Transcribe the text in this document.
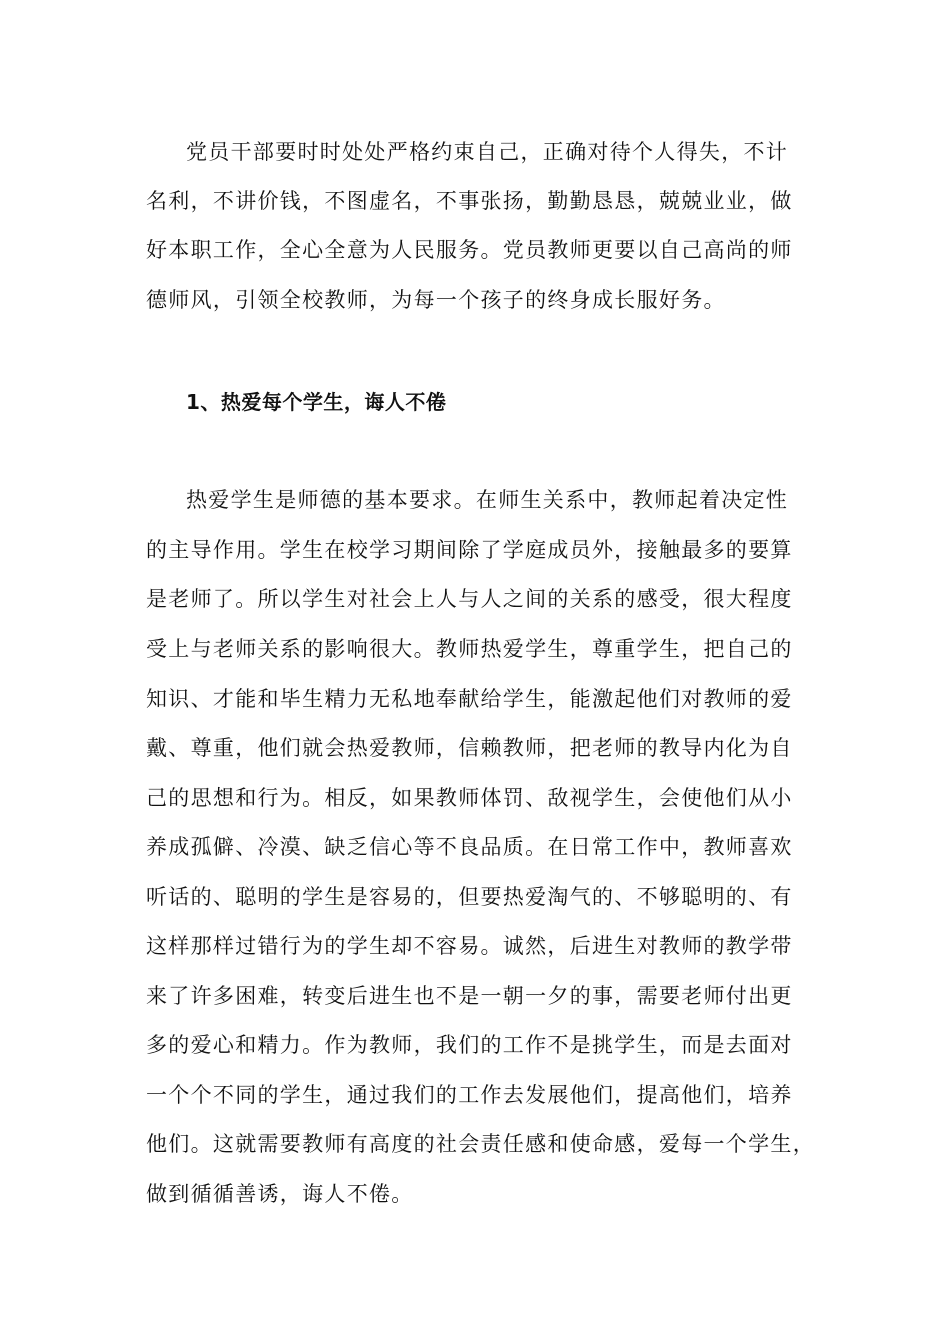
党员干部要时时处处严格约束自己，正确对待个人得失，不计
名利，不讲价钱，不图虚名，不事张扬，勤勤恳恳，兢兢业业，做
好本职工作，全心全意为人民服务。党员教师更要以自己高尚的师
德师风，引领全校教师，为每一个孩子的终身成长服好务。
1、热爱每个学生，诲人不倦
热爱学生是师德的基本要求。在师生关系中，教师起着决定性
的主导作用。学生在校学习期间除了学庭成员外，接触最多的要算
是老师了。所以学生对社会上人与人之间的关系的感受，很大程度
受上与老师关系的影响很大。教师热爱学生，尊重学生，把自己的
知识、才能和毕生精力无私地奉献给学生，能激起他们对教师的爱
戴、尊重，他们就会热爱教师，信赖教师，把老师的教导内化为自
己的思想和行为。相反，如果教师体罚、敌视学生，会使他们从小
养成孤僻、冷漠、缺乏信心等不良品质。在日常工作中，教师喜欢
听话的、聪明的学生是容易的，但要热爱淘气的、不够聪明的、有
这样那样过错行为的学生却不容易。诚然，后进生对教师的教学带
来了许多困难，转变后进生也不是一朝一夕的事，需要老师付出更
多的爱心和精力。作为教师，我们的工作不是挑学生，而是去面对
一个个不同的学生，通过我们的工作去发展他们，提高他们，培养
他们。这就需要教师有高度的社会责任感和使命感，爱每一个学生，
做到循循善诱，诲人不倦。
